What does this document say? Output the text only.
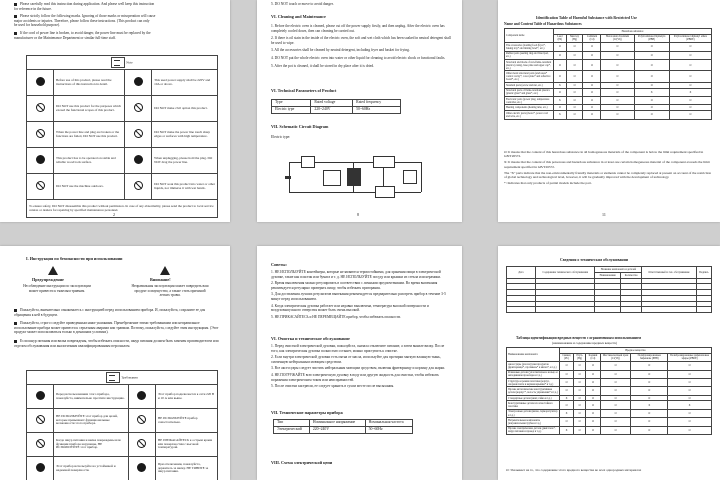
Please carefully read this instruction during application. And please well keep this instruction
for reference in the future.
Please strictly follow the following marks. Ignoring of those marks or misoperation will cause
major accidents or injuries. Therefore, please follow these instructions. (This product can only
be used for household purpose).
If the cord of power line is broken, to avoid danger, the power line must be replaced by the
manufacturer or the Maintenance Department or similar full-time staff.
Note			
	Before use of this product, please read the instructions of this instruction in detail.		This used power supply shall be 220V and 10A or above.
	DO NOT use this product for the purposes which exceed the functional scopes of this product.		DO NOT make civil option this product.
	When the power line and plug are broken or the functions are failed, DO NOT use this product.		DO NOT make the power line touch sharp edges or surfaces with high temperature.
	This product has to be operated on stable and reliable wood/rock surface.		When unplugging, please hold the plug. DO NOT drag the power line.
	DO NOT use the machine outdoors.		DO NOT soak this product into water or other liquids, nor immerse it with wet hands.
To ensure safety, DO NOT disassemble this product without permission. In case of any abnormality, please send the product to local service centres or dealers for repairing by specified maintenance personnel.			
2

5. DO NOT touch or move to avoid danger.

VI. Cleaning and Maintenance

1. Before the electric oven is cleaned, please cut off the power supply firstly, and then unplug. After the electric oven has completely cooled down, then can cleaning be carried out.
2. If there is oil stain in the inside of the electric oven, the soft and wet cloth which has been soaked in neutral detergent shall be used to wipe.
3. All the accessories shall be cleaned by neutral detergent, including fryer and basket for frying.
4. DO NOT put the whole electric oven into water or other liquid for cleaning to avoid electric shock or functional faults.
5. After the pot is cleaned, it shall be stored in dry place after it is dried.

VI. Technical Parameters of Product

Type	Rated voltage	Rated frequency
Electric type	220~240V	50~60Hz

VII. Schematic Circuit Diagram

Electric type:

8

Identification Table of Harmful Substance with Restricted Use

Name and Content Table of Hazardous Substances

Component name	Hazardous substance					
	Lead (Pb)	Mercury (Hg)	Cadmium (Cd)	Hexavalent chromium (Cr(VI))	Polybrominated biphenyls (PBB)	Polybrominated diphenyl ethers (PBDE)
The accessories (loading food (fryer*, baking tray* and mixing bowl*, etc.)	O	O	O	O	O	O
Rubber parts (sealing ring and fixed pad, etc.)	O	O	O	O	O	O
Structural and mode of non-flame-retardant plastics (casing, base plate and upper cap*, etc.)	O	O	O	O	O	O
Other metal structural parts (enclosure* control cavity*, cover plate* and reflective board*, etc.)	O	O	O	O	O	O
Standard parts (screw and nut, etc.)	X	O	O	O	O	O
Structural parts of flame-retardant plastics (plastic glass* and glass*, etc.)	O	O	O	O	X	X
Electronic parts (power plug, temperature controller, etc.)	X	O	O	O	O	O
Heating components (heating tube, etc.)	O	O	O	O	O	O
Other electric parts (motor*, power cord and wire, etc.)	X	O	O	O	O	O
O: It means that the content of this hazardous substance in all homogeneous materials of the component is below the limit requirement specified in GB/T26572.
X: It means that the content of this poisonous and hazardous substance in at least one certain homogeneous material of the component exceeds the limit requirement specified in GB/T26572.
The "X" parts indicate that the non-environmentally friendly materials or elements cannot be completely replaced at present on account of the restriction of global technology and technological level, however, it will be gradually improved with the development of technology.
*: Indicates that only products of partial models include the part.
11

I. Инструкция по безопасности при использовании

Предупреждение	Внимание!

Несоблюдение инструкции по эксплуатации может привести к тяжелым травмам.

Неправильная эксплуатация может повредить ваш продукт и имущество, а также стать причиной легких травм.

Пожалуйста, внимательно ознакомьтесь с инструкцией перед использованием прибора. И, пожалуйста, сохраните ее для обращения к ней в будущем.
Пожалуйста, строго следуйте приведенным ниже указаниям. Пренебрежение этими требованиями или неправильное использование прибора может привести к серьезным авариям или травмам. Поэтому, пожалуйста, следуйте этим инструкциям. (Этот продукт может использоваться только в домашних условиях).
Если шнур питания или вилка повреждены, чтобы избежать опасности, шнур питания должен быть заменен производителем или отделом обслуживания или аналогичным квалифицированным персоналом.
Требования			
	Перед использованием этого прибора, пожалуйста, внимательно прочтите инструкцию.		Этот прибор подключается к сети 220 В и 10 А или выше.
	НЕ ИСПОЛЬЗУЙТЕ этот прибор для целей, которые превышают функциональные возможности этого прибора.		НЕ ИСПОЛЬЗУЙТЕ прибор самостоятельно.
	Когда шнур питания и вилка повреждены или функции прибора нарушены, НЕ ИСПОЛЬЗУЙТЕ этот прибор.		НЕ ПРИКАСАЙТЕСЬ к острым краям или поверхностям с высокой температурой.
	Этот прибор используйте на устойчивой и надежной поверхности.		При отключении, пожалуйста, держитесь за вилку. НЕ ТЯНИТЕ за шнур питания.

Советы:

1. НЕ ИСПОЛЬЗУЙТЕ контейнеры, которые не являются термостойкими, для хранения пищи в электрической духовке, такие как пластик или бумага и т. д. НЕ ИСПОЛЬЗУЙТЕ посуду или крышки из стекла или керамики.
2. Время выключения можно регулировать в соответствии с личными предпочтениями. Во время выпекания рекомендуется регулярно проверять пищу, чтобы избежать пригорания.
3. Для достижения лучших результатов выпекания рекомендуется предварительно разогреть прибор в течение 3-5 минут перед использованием.
4. Когда электрическая духовка работает или недавно выключена, температура высокой поверхности и воздуховыпускного отверстия может быть очень высокой.
5. НЕ ПРИКАСАЙТЕСЬ и НЕ ПЕРЕМЕЩАЙТЕ прибор, чтобы избежать опасности.

VI. Очистка и техническое обслуживание

1. Перед очисткой электрической духовки, пожалуйста, сначала отключите питание, а затем выньте вилку. После того, как электрическая духовка полностью остынет, можно приступить к очистке.
2. Если внутри электрической духовки есть пятна от масла, используйте для протирки мягкую влажную ткань, смоченную нейтральным моющим средством.
3. Все аксессуары следует чистить нейтральным моющим средством, включая фритюрницу и корзину для жарки.
4. НЕ ПОГРУЖАЙТЕ всю электрическую духовку в воду или другую жидкость для очистки, чтобы избежать поражения электрическим током или неисправностей.
5. После очистки кастрюли, ее следует хранить в сухом месте после высыхания.

VII. Технические параметры прибора

Тип	Номинальное напряжение	Номинальная частота
Электрический	220~240V	50~60Hz

VIII. Схема электрической цепи

Сведения о техническом обслуживании

Дата	Содержание технического обслуживания	Название компонента и деталей		Ответственный за тех. обслуживание	Подпись
		Наименование	Количество		

Таблица идентификации вредных веществ с ограниченным использованием

(наименование и содержание вредных веществ)

Наименование компонента	Вредное вещество					
	Свинец (Pb)	Ртуть (Hg)	Кадмий (Cd)	Шестивалентный хром (Cr(VI))	Полибромированные бифенилы (PBB)	Полибромированные дифениловые эфиры (PBDE)
Аксессуары (для загрузки продуктов (фритюрница*, противень* и миска*, и т.д.)	O	O	O	O	O	O
Резиновые детали (уплотнительное кольцо и неподвижная прокладка и т.д.)	O	O	O	O	O	O
Структура и режим пластика (корпус, опорная плита и верхняя крышка* и т.д.)	O	O	O	O	O	O
Прочие металлические конструктивные детали (корпус*, полость управления* и т.д.)	O	O	O	O	O	O
Стандартные детали (винт, гайка и т.д.)	X	O	O	O	O	O
Конструктивные детали из огнестойкого пластика	O	O	O	O	X	X
Электронные детали (вилка, терморегулятор и т.д.)	X	O	O	O	O	O
Нагревательные компоненты (нагревательная трубка и т.д.)	O	O	O	O	O	O
Прочие электрические детали (двигатель*, шнур питания и провод и т.д.)	X	O	O	O	O	O

О: Указывает на то, что содержание этого вредного вещества во всех однородных материалах
